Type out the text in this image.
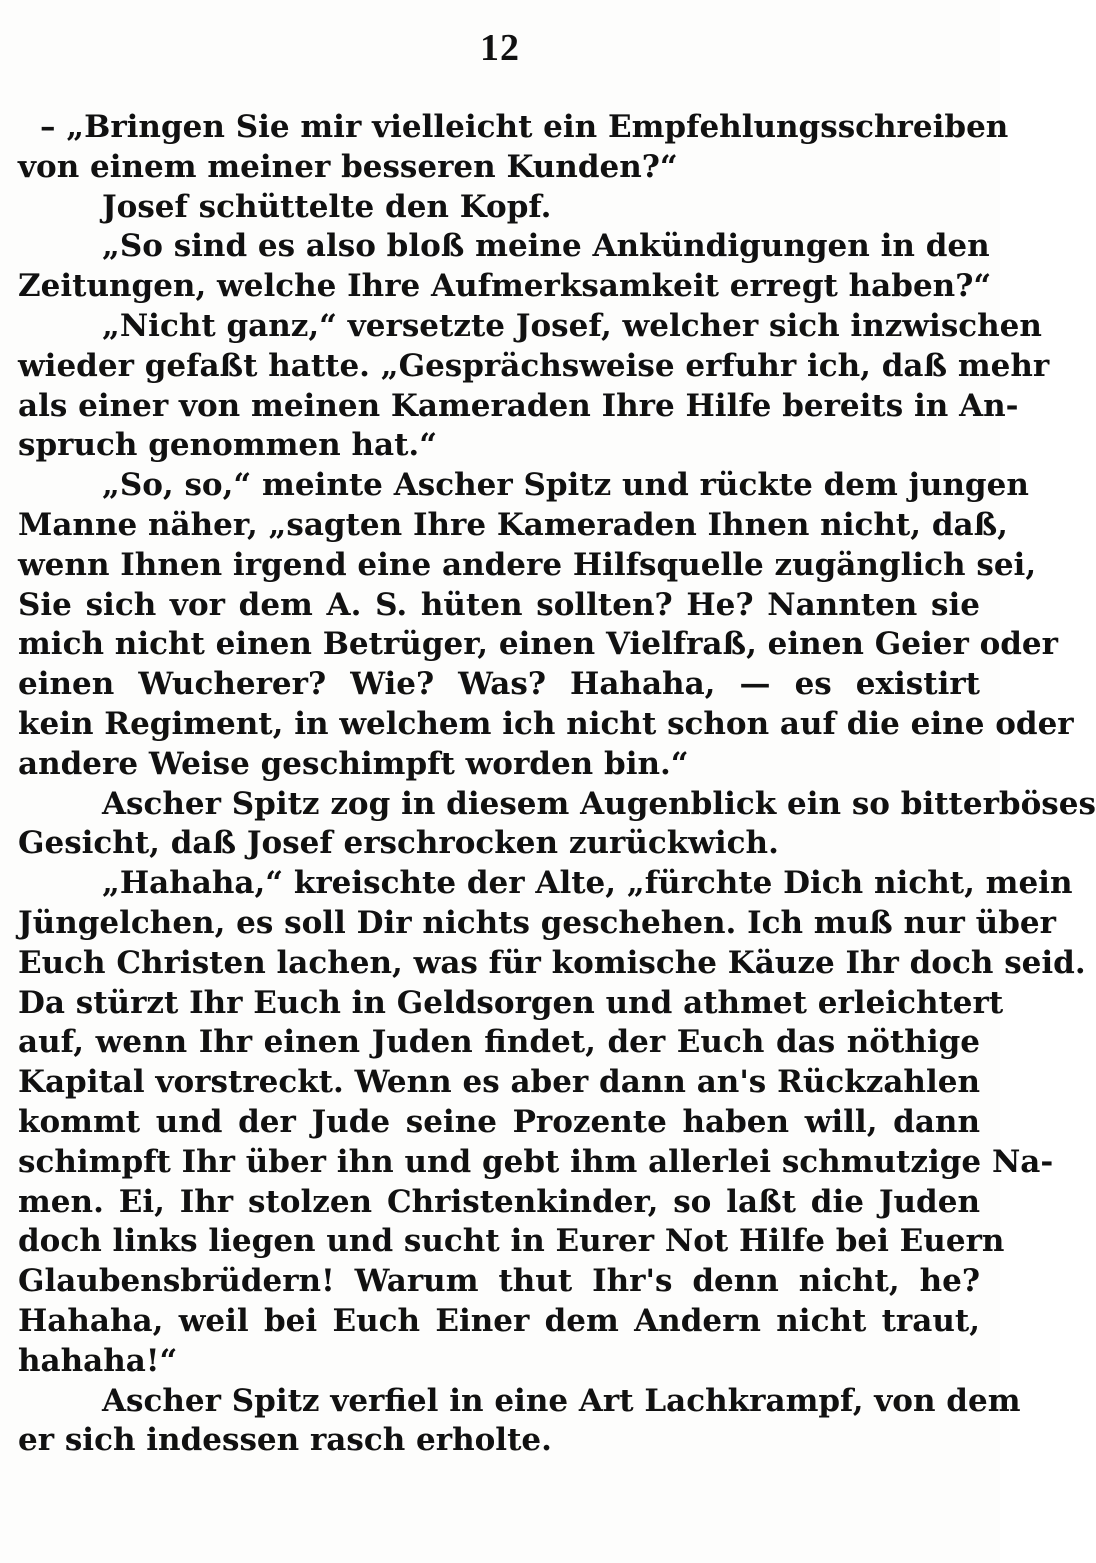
12
– „Bringen Sie mir vielleicht ein Empfehlungsschreiben
von einem meiner besseren Kunden?“
Josef schüttelte den Kopf.
„So sind es also bloß meine Ankündigungen in den
Zeitungen, welche Ihre Aufmerksamkeit erregt haben?“
„Nicht ganz,“ versetzte Josef, welcher sich inzwischen
wieder gefaßt hatte. „Gesprächsweise erfuhr ich, daß mehr
als einer von meinen Kameraden Ihre Hilfe bereits in An-
spruch genommen hat.“
„So, so,“ meinte Ascher Spitz und rückte dem jungen
Manne näher, „sagten Ihre Kameraden Ihnen nicht, daß,
wenn Ihnen irgend eine andere Hilfsquelle zugänglich sei,
Sie sich vor dem A. S. hüten sollten? He? Nannten sie
mich nicht einen Betrüger, einen Vielfraß, einen Geier oder
einen Wucherer? Wie? Was? Hahaha, — es existirt
kein Regiment, in welchem ich nicht schon auf die eine oder
andere Weise geschimpft worden bin.“
Ascher Spitz zog in diesem Augenblick ein so bitterböses
Gesicht, daß Josef erschrocken zurückwich.
„Hahaha,“ kreischte der Alte, „fürchte Dich nicht, mein
Jüngelchen, es soll Dir nichts geschehen. Ich muß nur über
Euch Christen lachen, was für komische Käuze Ihr doch seid.
Da stürzt Ihr Euch in Geldsorgen und athmet erleichtert
auf, wenn Ihr einen Juden findet, der Euch das nöthige
Kapital vorstreckt. Wenn es aber dann an's Rückzahlen
kommt und der Jude seine Prozente haben will, dann
schimpft Ihr über ihn und gebt ihm allerlei schmutzige Na-
men. Ei, Ihr stolzen Christenkinder, so laßt die Juden
doch links liegen und sucht in Eurer Not Hilfe bei Euern
Glaubensbrüdern! Warum thut Ihr's denn nicht, he?
Hahaha, weil bei Euch Einer dem Andern nicht traut,
hahaha!“
Ascher Spitz verfiel in eine Art Lachkrampf, von dem
er sich indessen rasch erholte.
